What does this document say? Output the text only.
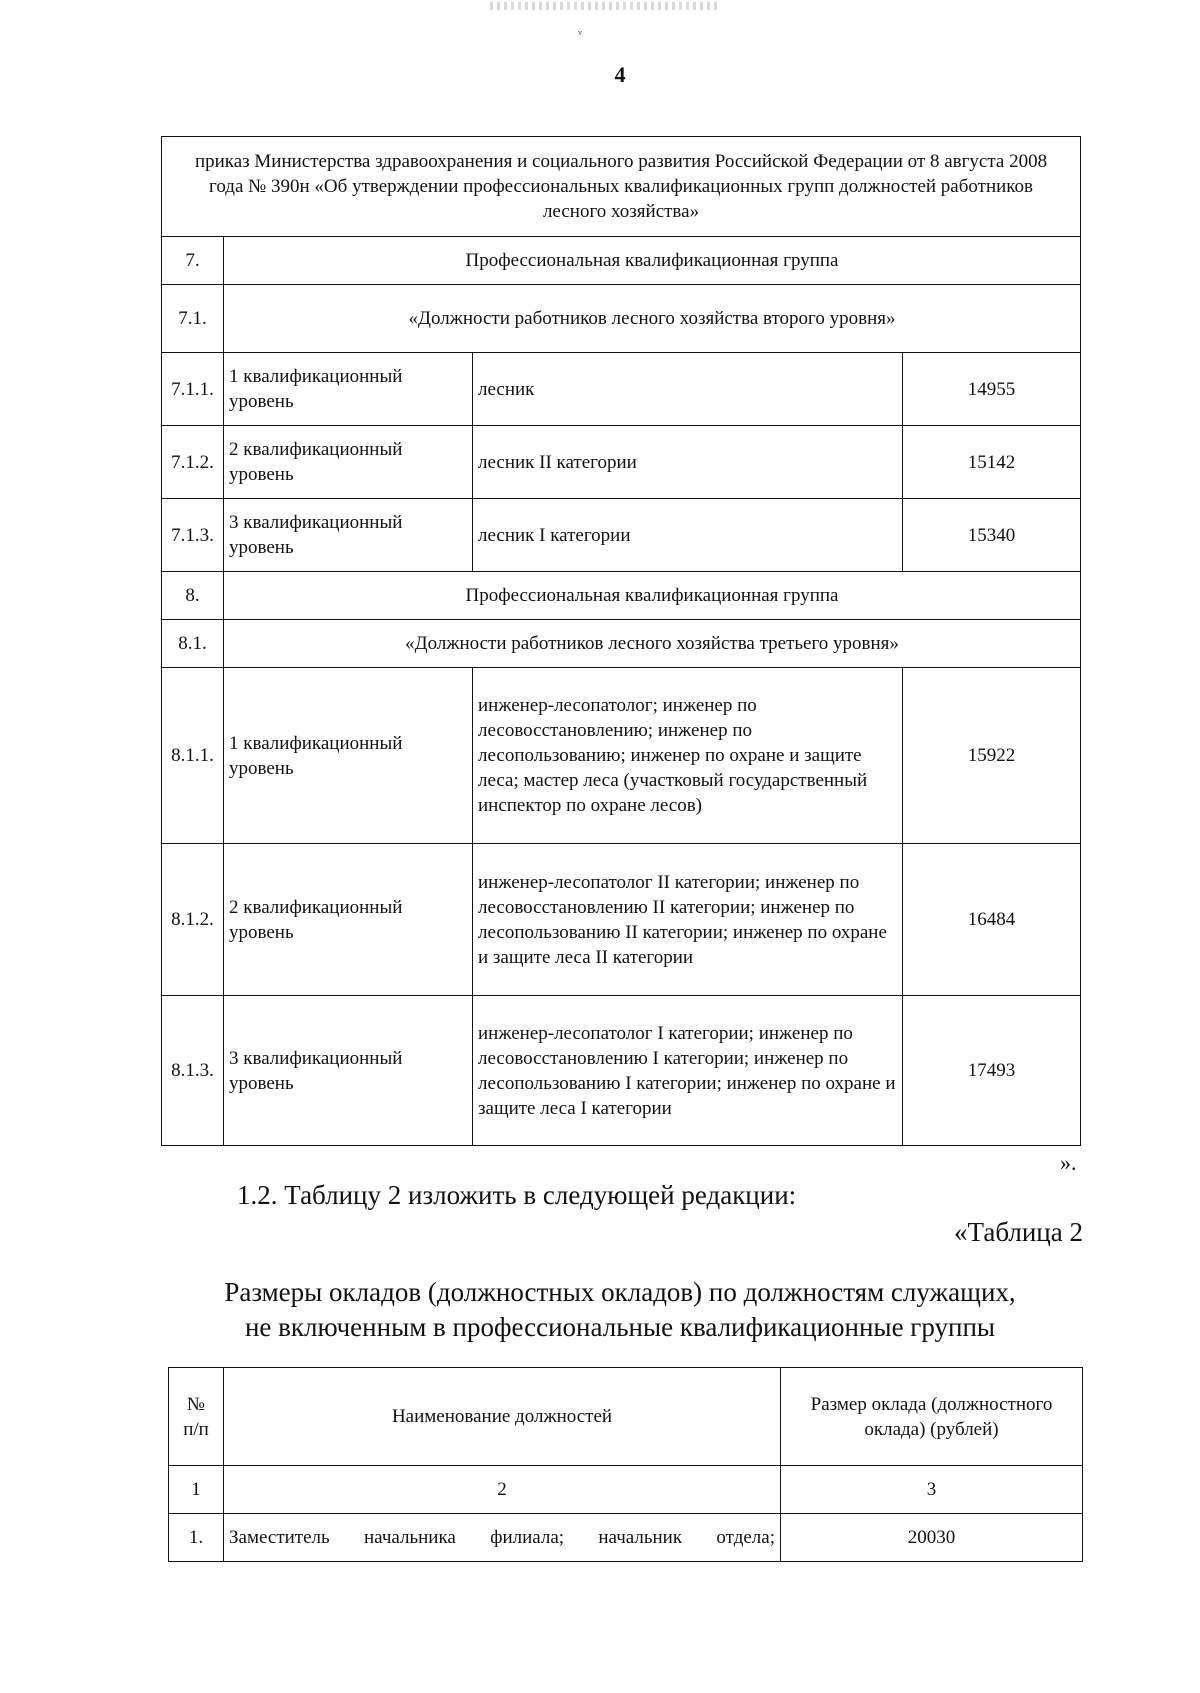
ᵛ
4
приказ Министерства здравоохранения и социального развития Российской Федерации от 8 августа 2008 года № 390н «Об утверждении профессиональных квалификационных групп должностей работников лесного хозяйства»			
7.	Профессиональная квалификационная группа		
7.1.	«Должности работников лесного хозяйства второго уровня»		
7.1.1.	1 квалификационный уровень	лесник	14955
7.1.2.	2 квалификационный уровень	лесник II категории	15142
7.1.3.	3 квалификационный уровень	лесник I категории	15340
8.	Профессиональная квалификационная группа		
8.1.	«Должности работников лесного хозяйства третьего уровня»		
8.1.1.	1 квалификационный уровень	инженер-лесопатолог; инженер по лесовосстановлению; инженер по лесопользованию; инженер по охране и защите леса; мастер леса (участковый государственный инспектор по охране лесов)	15922
8.1.2.	2 квалификационный уровень	инженер-лесопатолог II категории; инженер по лесовосстановлению II категории; инженер по лесопользованию II категории; инженер по охране и защите леса II категории	16484
8.1.3.	3 квалификационный уровень	инженер-лесопатолог I категории; инженер по лесовосстановлению I категории; инженер по лесопользованию I категории; инженер по охране и защите леса I категории	17493
».
1.2. Таблицу 2 изложить в следующей редакции:
«Таблица 2
Размеры окладов (должностных окладов) по должностям служащих,
не включенным в профессиональные квалификационные группы
№ п/п	Наименование должностей	Размер оклада (должностного оклада) (рублей)
1	2	3
1.	Заместитель начальника филиала; начальник отдела;	20030
